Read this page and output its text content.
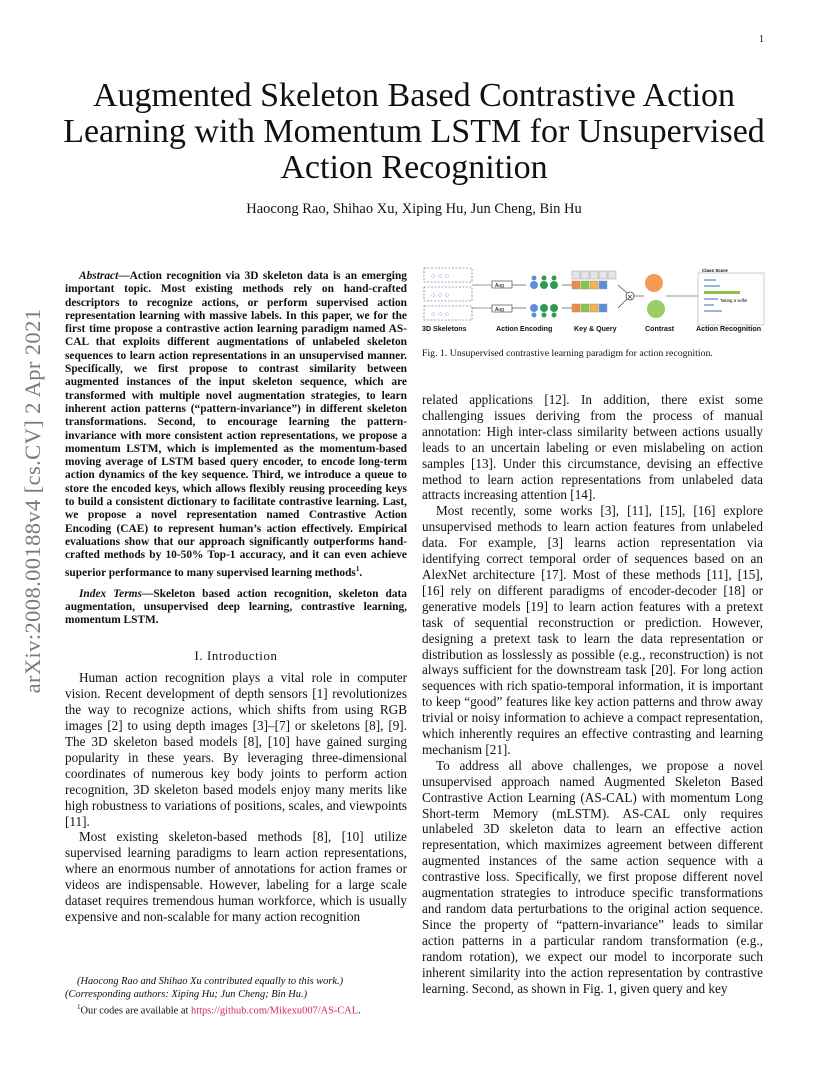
1
arXiv:2008.00188v4 [cs.CV] 2 Apr 2021
Augmented Skeleton Based Contrastive Action Learning with Momentum LSTM for Unsupervised Action Recognition
Haocong Rao, Shihao Xu, Xiping Hu, Jun Cheng, Bin Hu

Abstract—Action recognition via 3D skeleton data is an emerging important topic. Most existing methods rely on hand-crafted descriptors to recognize actions, or perform supervised action representation learning with massive labels. In this paper, we for the first time propose a contrastive action learning paradigm named AS-CAL that exploits different augmentations of unlabeled skeleton sequences to learn action representations in an unsupervised manner. Specifically, we first propose to contrast similarity between augmented instances of the input skeleton sequence, which are transformed with multiple novel augmentation strategies, to learn inherent action patterns (“pattern-invariance”) in different skeleton transformations. Second, to encourage learning the pattern-invariance with more consistent action representations, we propose a momentum LSTM, which is implemented as the momentum-based moving average of LSTM based query encoder, to encode long-term action dynamics of the key sequence. Third, we introduce a queue to store the encoded keys, which allows flexibly reusing proceeding keys to build a consistent dictionary to facilitate contrastive learning. Last, we propose a novel representation named Contrastive Action Encoding (CAE) to represent human’s action effectively. Empirical evaluations show that our approach significantly outperforms hand-crafted methods by 10-50% Top-1 accuracy, and it can even achieve superior performance to many supervised learning methods$^1$.

Index Terms—Skeleton based action recognition, skeleton data augmentation, unsupervised deep learning, contrastive learning, momentum LSTM.

I. Introduction

Human action recognition plays a vital role in computer vision. Recent development of depth sensors [1] revolutionizes the way to recognize actions, which shifts from using RGB images [2] to using depth images [3]–[7] or skeletons [8], [9]. The 3D skeleton based models [8], [10] have gained surging popularity in these years. By leveraging three-dimensional coordinates of numerous key body joints to perform action recognition, 3D skeleton based models enjoy many merits like high robustness to variations of positions, scales, and viewpoints [11].

Most existing skeleton-based methods [8], [10] utilize supervised learning paradigms to learn action representations, where an enormous number of annotations for action frames or videos are indispensable. However, labeling for a large scale dataset requires tremendous human workforce, which is usually expensive and non-scalable for many action recognition

(Haocong Rao and Shihao Xu contributed equally to this work.) (Corresponding authors: Xiping Hu; Jun Cheng; Bin Hu.)

$^1$Our codes are available at https://github.com/Mikexu007/AS-CAL.

⁘⁘⁘
⁘⁘⁘
⁘⁘⁘
Aug
Aug
×
Class Score
Taking a selfie
3D Skeletons	Action Encoding	Key & Query	Contrast	Action Recognition
Fig. 1. Unsupervised contrastive learning paradigm for action recognition.

related applications [12]. In addition, there exist some challenging issues deriving from the process of manual annotation: High inter-class similarity between actions usually leads to an uncertain labeling or even mislabeling on action samples [13]. Under this circumstance, devising an effective method to learn action representations from unlabeled data attracts increasing attention [14].

Most recently, some works [3], [11], [15], [16] explore unsupervised methods to learn action features from unlabeled data. For example, [3] learns action representation via identifying correct temporal order of sequences based on an AlexNet architecture [17]. Most of these methods [11], [15], [16] rely on different paradigms of encoder-decoder [18] or generative models [19] to learn action features with a pretext task of sequential reconstruction or prediction. However, designing a pretext task to learn the data representation or distribution as losslessly as possible (e.g., reconstruction) is not always sufficient for the downstream task [20]. For long action sequences with rich spatio-temporal information, it is important to keep “good” features like key action patterns and throw away trivial or noisy information to achieve a compact representation, which inherently requires an effective contrasting and learning mechanism [21].

To address all above challenges, we propose a novel unsupervised approach named Augmented Skeleton Based Contrastive Action Learning (AS-CAL) with momentum Long Short-term Memory (mLSTM). AS-CAL only requires unlabeled 3D skeleton data to learn an effective action representation, which maximizes agreement between different augmented instances of the same action sequence with a contrastive loss. Specifically, we first propose different novel augmentation strategies to introduce specific transformations and random data perturbations to the original action sequence. Since the property of “pattern-invariance” leads to similar action patterns in a particular random transformation (e.g., random rotation), we expect our model to incorporate such inherent similarity into the action representation by contrastive learning. Second, as shown in Fig. 1, given query and key
